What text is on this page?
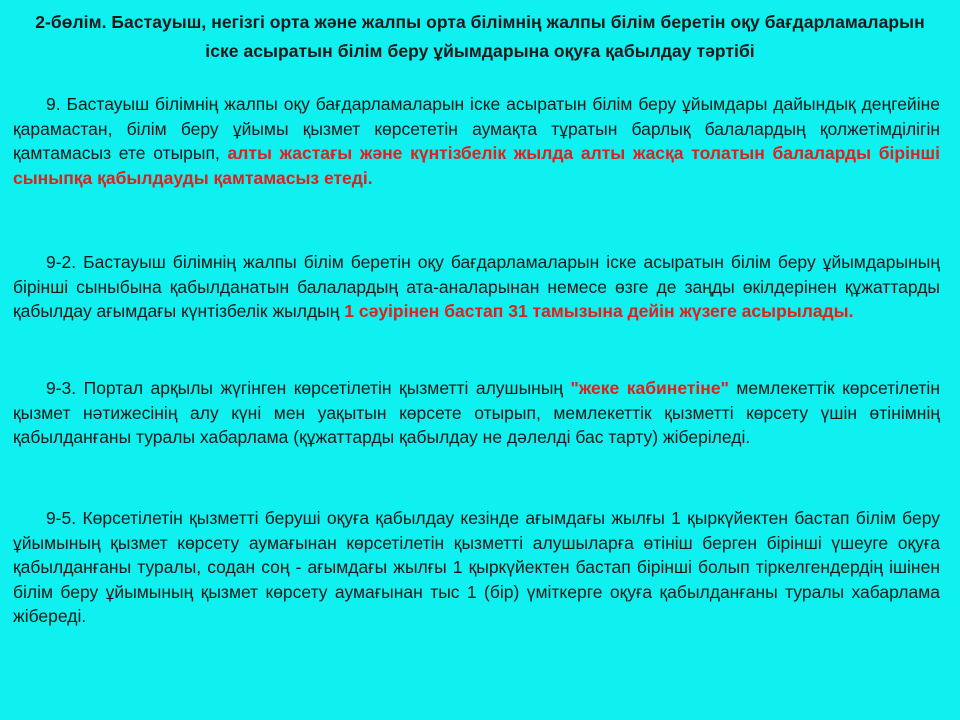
2-бөлім. Бастауыш, негізгі орта және жалпы орта білімнің жалпы білім беретін оқу бағдарламаларын іске асыратын білім беру ұйымдарына оқуға қабылдау тәртібі

9. Бастауыш білімнің жалпы оқу бағдарламаларын іске асыратын білім беру ұйымдары дайындық деңгейіне қарамастан, білім беру ұйымы қызмет көрсететін аумақта тұратын барлық балалардың қолжетімділігін қамтамасыз ете отырып, алты жастағы және күнтізбелік жылда алты жасқа толатын балаларды бірінші сыныпқа қабылдауды қамтамасыз етеді.

9-2. Бастауыш білімнің жалпы білім беретін оқу бағдарламаларын іске асыратын білім беру ұйымдарының бірінші сыныбына қабылданатын балалардың ата-аналарынан немесе өзге де заңды өкілдерінен құжаттарды қабылдау ағымдағы күнтізбелік жылдың 1 сәуірінен бастап 31 тамызына дейін жүзеге асырылады.

9-3. Портал арқылы жүгінген көрсетілетін қызметті алушының "жеке кабинетіне" мемлекеттік көрсетілетін қызмет нәтижесінің алу күні мен уақытын көрсете отырып, мемлекеттік қызметті көрсету үшін өтінімнің қабылданғаны туралы хабарлама (құжаттарды қабылдау не дәлелді бас тарту) жіберіледі.

9-5. Көрсетілетін қызметті беруші оқуға қабылдау кезінде ағымдағы жылғы 1 қыркүйектен бастап білім беру ұйымының қызмет көрсету аумағынан көрсетілетін қызметті алушыларға өтініш берген бірінші үшеуге оқуға қабылданғаны туралы, содан соң - ағымдағы жылғы 1 қыркүйектен бастап бірінші болып тіркелгендердің ішінен білім беру ұйымының қызмет көрсету аумағынан тыс 1 (бір) үміткерге оқуға қабылданғаны туралы хабарлама жібереді.
